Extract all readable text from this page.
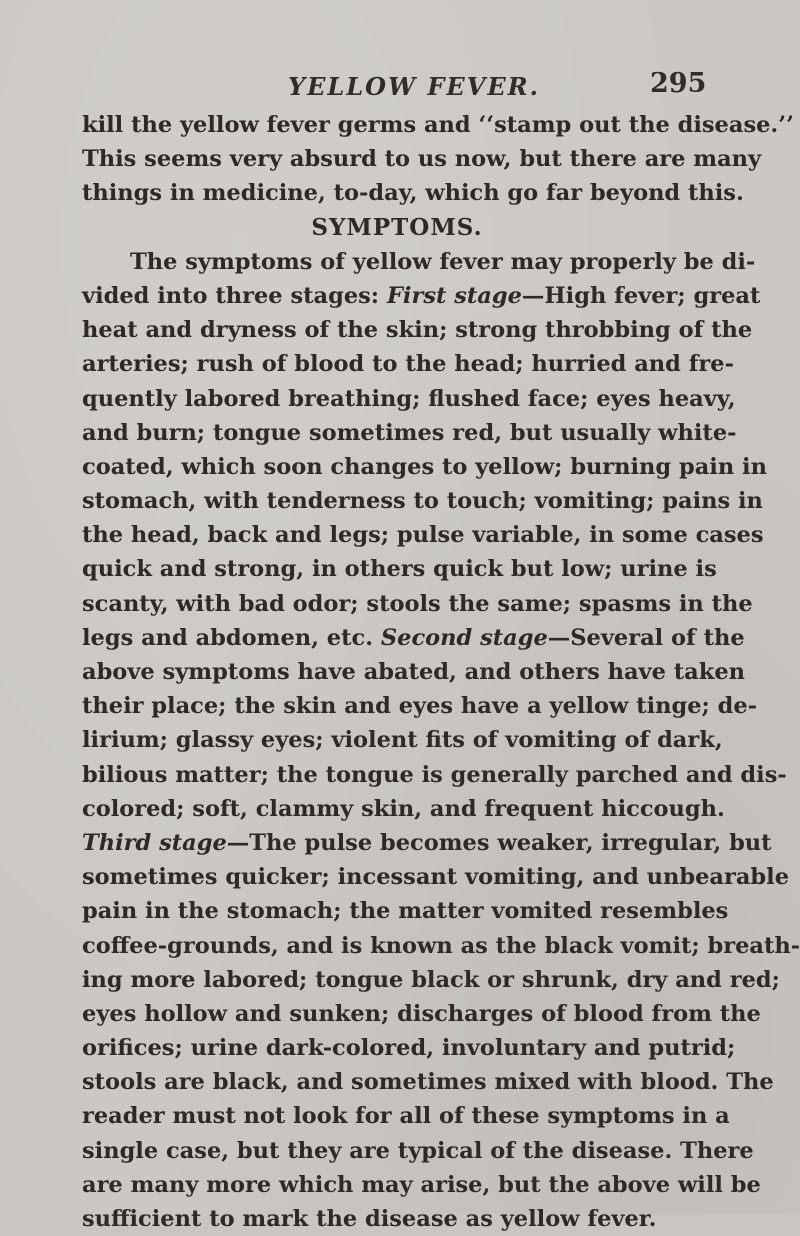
YELLOW FEVER.	295
kill the yellow fever germs and ‘‘stamp out the disease.’’
This seems very absurd to us now, but there are many
things in medicine, to-day, which go far beyond this.
SYMPTOMS.
The symptoms of yellow fever may properly be di-
vided into three stages: First stage—High fever; great
heat and dryness of the skin; strong throbbing of the
arteries; rush of blood to the head; hurried and fre-
quently labored breathing; flushed face; eyes heavy,
and burn; tongue sometimes red, but usually white-
coated, which soon changes to yellow; burning pain in
stomach, with tenderness to touch; vomiting; pains in
the head, back and legs; pulse variable, in some cases
quick and strong, in others quick but low; urine is
scanty, with bad odor; stools the same; spasms in the
legs and abdomen, etc. Second stage—Several of the
above symptoms have abated, and others have taken
their place; the skin and eyes have a yellow tinge; de-
lirium; glassy eyes; violent fits of vomiting of dark,
bilious matter; the tongue is generally parched and dis-
colored; soft, clammy skin, and frequent hiccough.
Third stage—The pulse becomes weaker, irregular, but
sometimes quicker; incessant vomiting, and unbearable
pain in the stomach; the matter vomited resembles
coffee-grounds, and is known as the black vomit; breath-
ing more labored; tongue black or shrunk, dry and red;
eyes hollow and sunken; discharges of blood from the
orifices; urine dark-colored, involuntary and putrid;
stools are black, and sometimes mixed with blood. The
reader must not look for all of these symptoms in a
single case, but they are typical of the disease. There
are many more which may arise, but the above will be
sufficient to mark the disease as yellow fever.
